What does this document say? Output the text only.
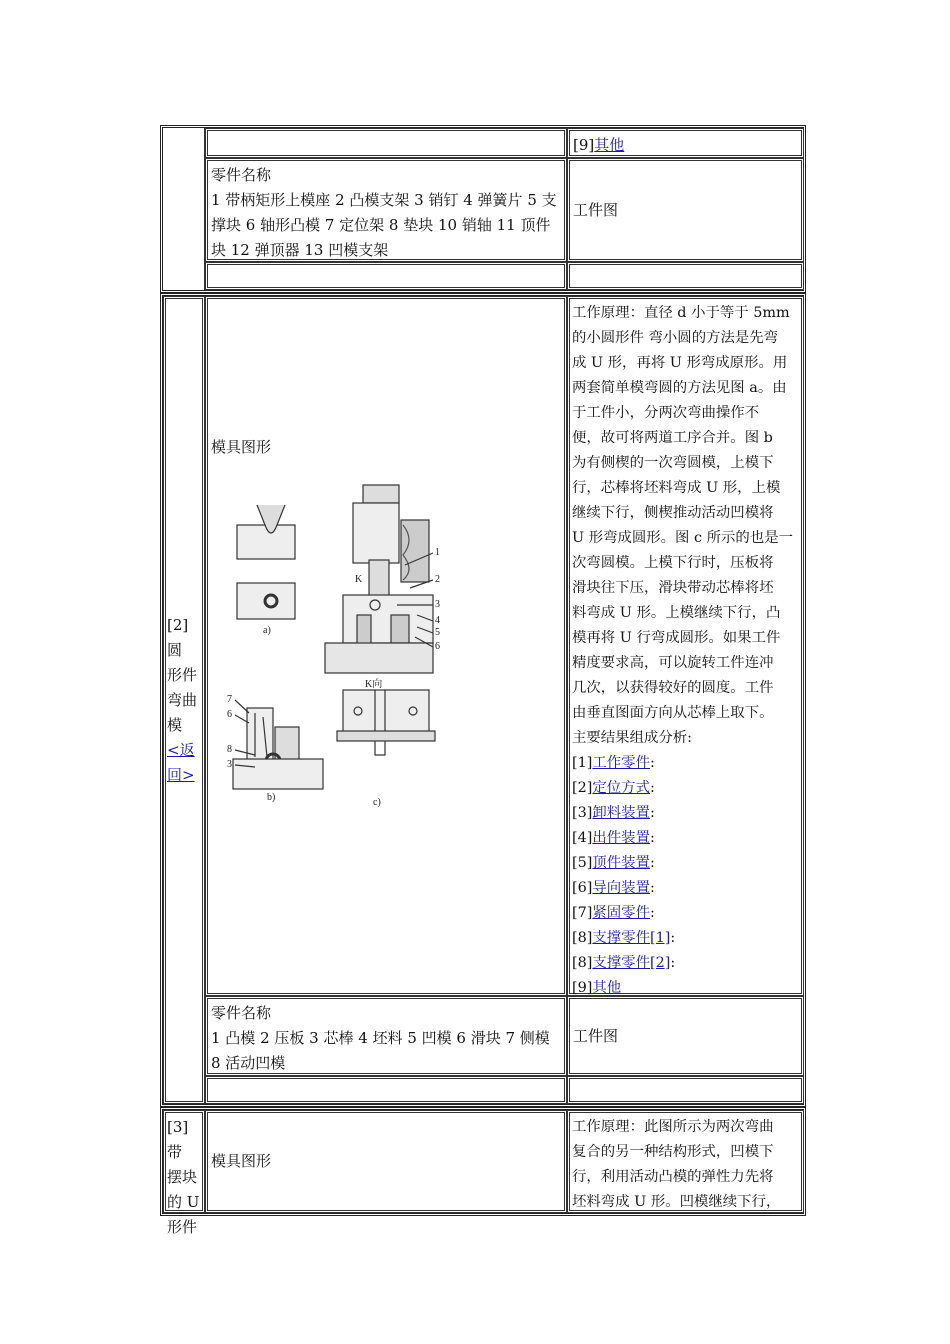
[9]其他
零件名称
1 带柄矩形上模座 2 凸模支架 3 销钉 4 弹簧片 5 支撑块 6 轴形凸模 7 定位架 8 垫块 10 销轴 11 顶件块 12 弹顶器 13 凹模支架
工件图
[2]圆
形件
弯曲
模
<返
回>
模具图形
a)
b)	c)
K
K向
1
2
3
4
5
6
7
6
8
3
工作原理：直径 d 小于等于 5mm
的小圆形件 弯小圆的方法是先弯
成 U 形，再将 U 形弯成原形。用
两套简单模弯圆的方法见图 a。由
于工件小，分两次弯曲操作不
便，故可将两道工序合并。图 b
为有侧楔的一次弯圆模，上模下
行，芯棒将坯料弯成 U 形，上模
继续下行，侧楔推动活动凹模将
U 形弯成圆形。图 c 所示的也是一
次弯圆模。上模下行时，压板将
滑块往下压，滑块带动芯棒将坯
料弯成 U 形。上模继续下行，凸
模再将 U 行弯成圆形。如果工件
精度要求高，可以旋转工件连冲
几次，以获得较好的圆度。工件
由垂直图面方向从芯棒上取下。
主要结果组成分析:
[1]工作零件:
[2]定位方式:
[3]卸料装置:
[4]出件装置:
[5]顶件装置:
[6]导向装置:
[7]紧固零件:
[8]支撑零件[1]:
[8]支撑零件[2]:
[9]其他
零件名称
1 凸模 2 压板 3 芯棒 4 坯料 5 凹模 6 滑块 7 侧模 8 活动凹模
工件图
[3]带
摆块
的 U
形件
模具图形
工作原理：此图所示为两次弯曲
复合的另一种结构形式，凹模下
行，利用活动凸模的弹性力先将
坯料弯成 U 形。凹模继续下行，
